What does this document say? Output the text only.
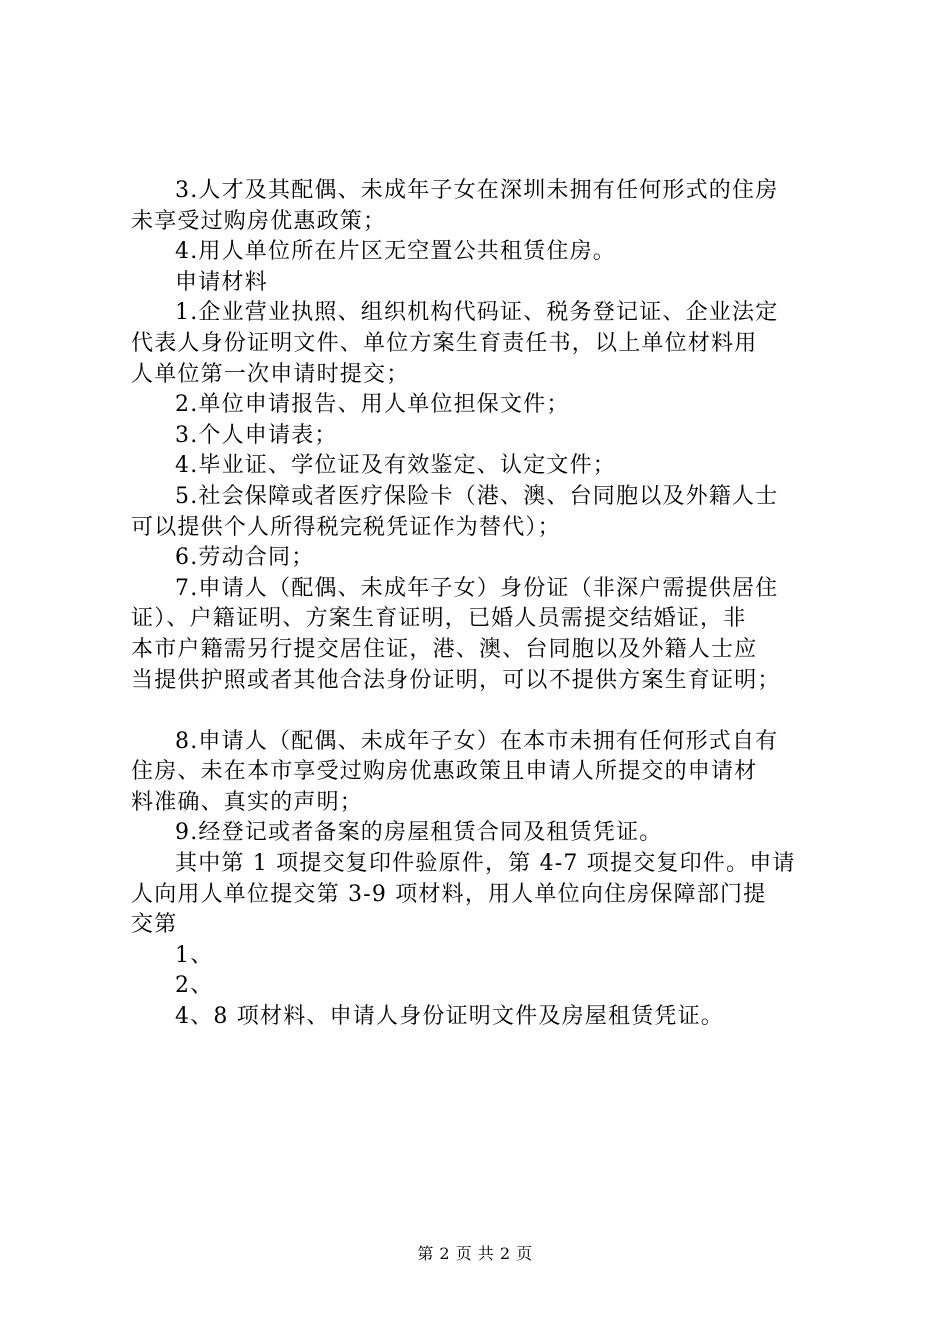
3.人才及其配偶、未成年子女在深圳未拥有任何形式的住房
未享受过购房优惠政策；
4.用人单位所在片区无空置公共租赁住房。
申请材料
1.企业营业执照、组织机构代码证、税务登记证、企业法定
代表人身份证明文件、单位方案生育责任书，以上单位材料用
人单位第一次申请时提交；
2.单位申请报告、用人单位担保文件；
3.个人申请表；
4.毕业证、学位证及有效鉴定、认定文件；
5.社会保障或者医疗保险卡（港、澳、台同胞以及外籍人士
可以提供个人所得税完税凭证作为替代）；
6.劳动合同；
7.申请人（配偶、未成年子女）身份证（非深户需提供居住
证）、户籍证明、方案生育证明，已婚人员需提交结婚证，非
本市户籍需另行提交居住证，港、澳、台同胞以及外籍人士应
当提供护照或者其他合法身份证明，可以不提供方案生育证明；
8.申请人（配偶、未成年子女）在本市未拥有任何形式自有
住房、未在本市享受过购房优惠政策且申请人所提交的申请材
料准确、真实的声明；
9.经登记或者备案的房屋租赁合同及租赁凭证。
其中第 1 项提交复印件验原件，第 4-7 项提交复印件。申请
人向用人单位提交第 3-9 项材料，用人单位向住房保障部门提
交第
1、
2、
4、8 项材料、申请人身份证明文件及房屋租赁凭证。
第 2 页 共 2 页
